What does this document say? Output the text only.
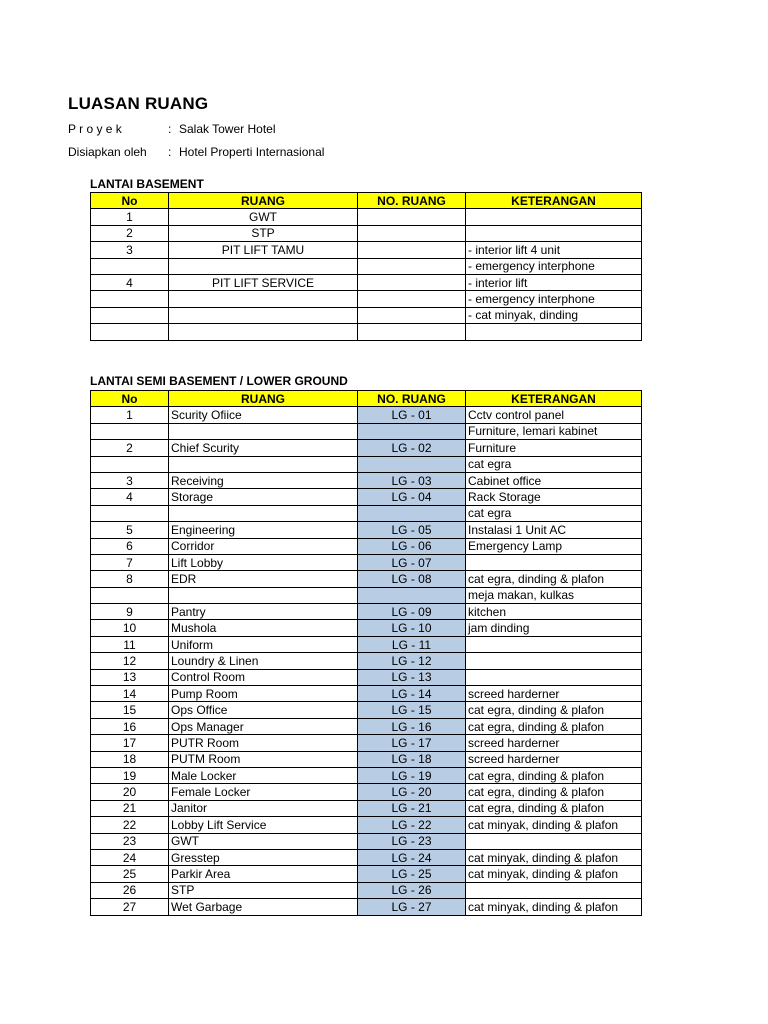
LUASAN RUANG
P r o y e k	: Salak Tower Hotel
Disiapkan oleh : Hotel Properti Internasional
LANTAI BASEMENT
No	RUANG	NO. RUANG	KETERANGAN
1	GWT		
2	STP		
3	PIT LIFT TAMU		- interior lift 4 unit
			- emergency interphone
4	PIT LIFT SERVICE		- interior lift
			- emergency interphone
			- cat minyak, dinding

LANTAI SEMI BASEMENT / LOWER GROUND
No	RUANG	NO. RUANG	KETERANGAN
1	Scurity Ofiice	LG - 01	Cctv control panel
			Furniture, lemari kabinet
2	Chief Scurity	LG - 02	Furniture
			cat egra
3	Receiving	LG - 03	Cabinet office
4	Storage	LG - 04	Rack Storage
			cat egra
5	Engineering	LG - 05	Instalasi 1 Unit AC
6	Corridor	LG - 06	Emergency Lamp
7	Lift Lobby	LG - 07	
8	EDR	LG - 08	cat egra, dinding & plafon
			meja makan, kulkas
9	Pantry	LG - 09	kitchen
10	Mushola	LG - 10	jam dinding
11	Uniform	LG - 11	
12	Loundry & Linen	LG - 12	
13	Control Room	LG - 13	
14	Pump Room	LG - 14	screed harderner
15	Ops Office	LG - 15	cat egra, dinding & plafon
16	Ops Manager	LG - 16	cat egra, dinding & plafon
17	PUTR Room	LG - 17	screed harderner
18	PUTM Room	LG - 18	screed harderner
19	Male Locker	LG - 19	cat egra, dinding & plafon
20	Female Locker	LG - 20	cat egra, dinding & plafon
21	Janitor	LG - 21	cat egra, dinding & plafon
22	Lobby Lift Service	LG - 22	cat minyak, dinding & plafon
23	GWT	LG - 23	
24	Gresstep	LG - 24	cat minyak, dinding & plafon
25	Parkir Area	LG - 25	cat minyak, dinding & plafon
26	STP	LG - 26	
27	Wet Garbage	LG - 27	cat minyak, dinding & plafon
